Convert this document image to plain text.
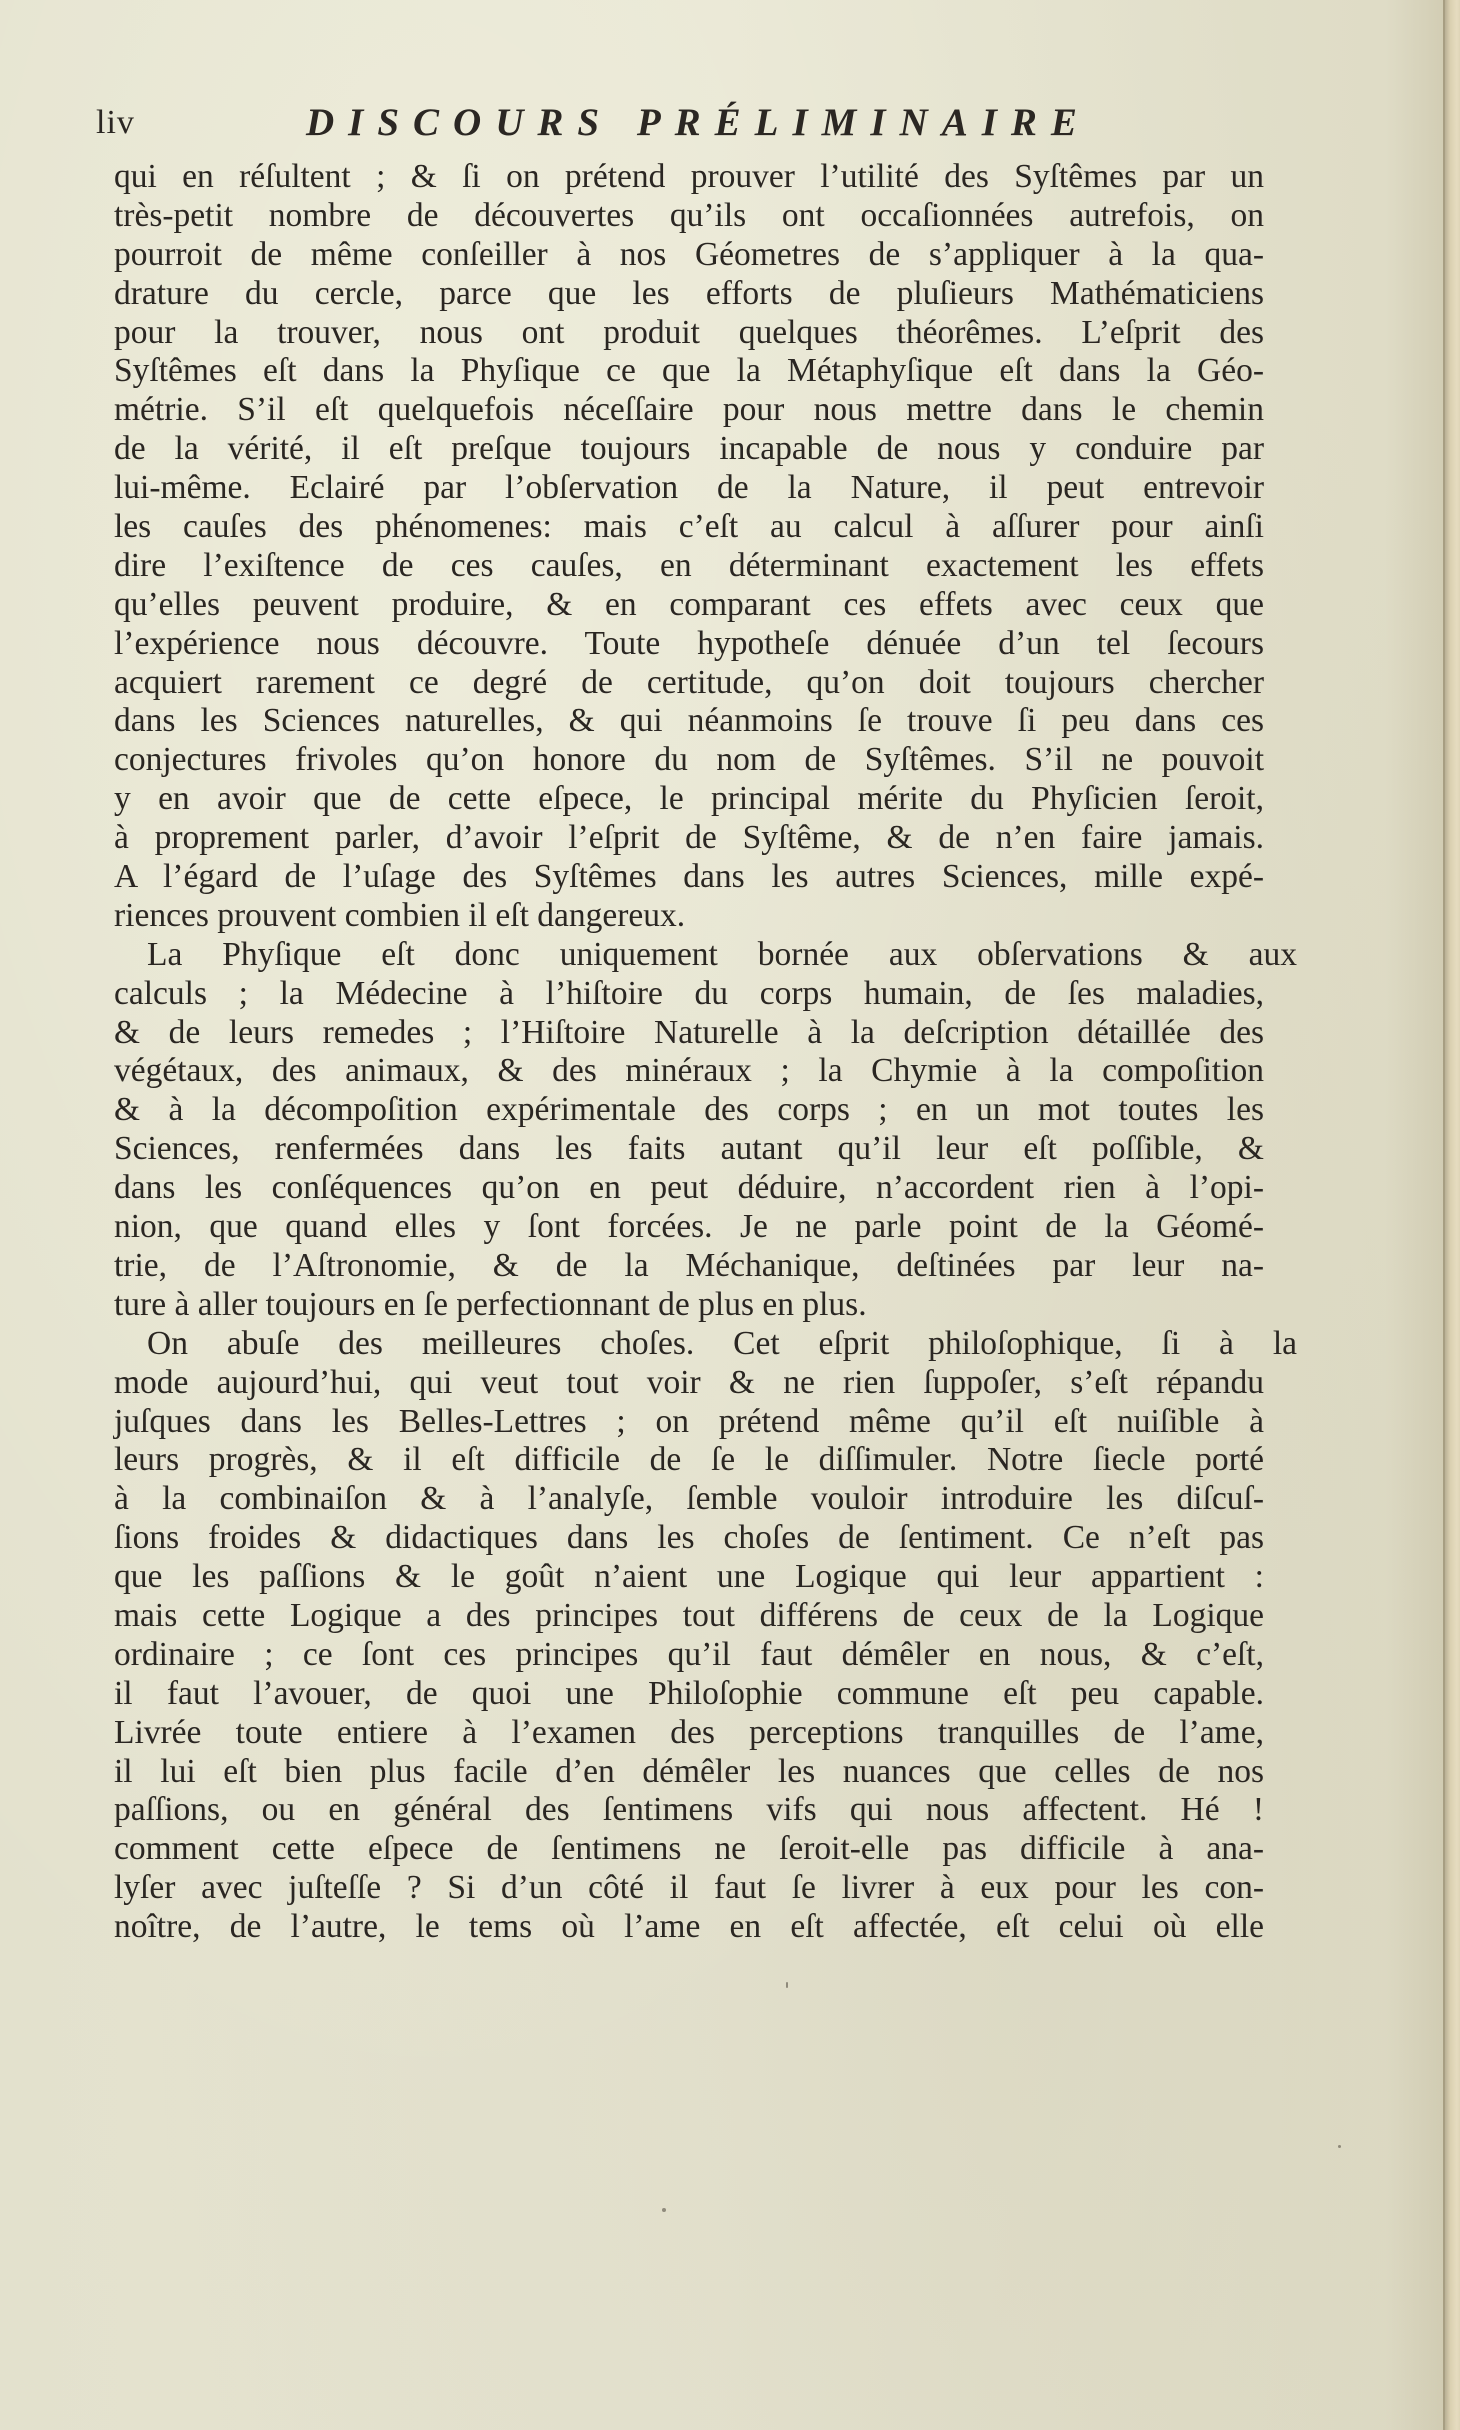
liv	DISCOURS PRÉLIMINAIRE
qui en réſultent ; & ſi on prétend prouver l’utilité des Syſtêmes par un
très-petit nombre de découvertes qu’ils ont occaſionnées autrefois, on
pourroit de même conſeiller à nos Géometres de s’appliquer à la qua-
drature du cercle, parce que les efforts de pluſieurs Mathématiciens
pour la trouver, nous ont produit quelques théorêmes. L’eſprit des
Syſtêmes eſt dans la Phyſique ce que la Métaphyſique eſt dans la Géo-
métrie. S’il eſt quelquefois néceſſaire pour nous mettre dans le chemin
de la vérité, il eſt preſque toujours incapable de nous y conduire par
lui-même. Eclairé par l’obſervation de la Nature, il peut entrevoir
les cauſes des phénomenes: mais c’eſt au calcul à aſſurer pour ainſi
dire l’exiſtence de ces cauſes, en déterminant exactement les effets
qu’elles peuvent produire, & en comparant ces effets avec ceux que
l’expérience nous découvre. Toute hypotheſe dénuée d’un tel ſecours
acquiert rarement ce degré de certitude, qu’on doit toujours chercher
dans les Sciences naturelles, & qui néanmoins ſe trouve ſi peu dans ces
conjectures frivoles qu’on honore du nom de Syſtêmes. S’il ne pouvoit
y en avoir que de cette eſpece, le principal mérite du Phyſicien ſeroit,
à proprement parler, d’avoir l’eſprit de Syſtême, & de n’en faire jamais.
A l’égard de l’uſage des Syſtêmes dans les autres Sciences, mille expé-
riences prouvent combien il eſt dangereux.
La Phyſique eſt donc uniquement bornée aux obſervations & aux
calculs ; la Médecine à l’hiſtoire du corps humain, de ſes maladies,
& de leurs remedes ; l’Hiſtoire Naturelle à la deſcription détaillée des
végétaux, des animaux, & des minéraux ; la Chymie à la compoſition
& à la décompoſition expérimentale des corps ; en un mot toutes les
Sciences, renfermées dans les faits autant qu’il leur eſt poſſible, &
dans les conſéquences qu’on en peut déduire, n’accordent rien à l’opi-
nion, que quand elles y ſont forcées. Je ne parle point de la Géomé-
trie, de l’Aſtronomie, & de la Méchanique, deſtinées par leur na-
ture à aller toujours en ſe perfectionnant de plus en plus.
On abuſe des meilleures choſes. Cet eſprit philoſophique, ſi à la
mode aujourd’hui, qui veut tout voir & ne rien ſuppoſer, s’eſt répandu
juſques dans les Belles-Lettres ; on prétend même qu’il eſt nuiſible à
leurs progrès, & il eſt difficile de ſe le diſſimuler. Notre ſiecle porté
à la combinaiſon & à l’analyſe, ſemble vouloir introduire les diſcuſ-
ſions froides & didactiques dans les choſes de ſentiment. Ce n’eſt pas
que les paſſions & le goût n’aient une Logique qui leur appartient :
mais cette Logique a des principes tout différens de ceux de la Logique
ordinaire ; ce ſont ces principes qu’il faut démêler en nous, & c’eſt,
il faut l’avouer, de quoi une Philoſophie commune eſt peu capable.
Livrée toute entiere à l’examen des perceptions tranquilles de l’ame,
il lui eſt bien plus facile d’en démêler les nuances que celles de nos
paſſions, ou en général des ſentimens vifs qui nous affectent. Hé !
comment cette eſpece de ſentimens ne ſeroit-elle pas difficile à ana-
lyſer avec juſteſſe ? Si d’un côté il faut ſe livrer à eux pour les con-
noître, de l’autre, le tems où l’ame en eſt affectée, eſt celui où elle
